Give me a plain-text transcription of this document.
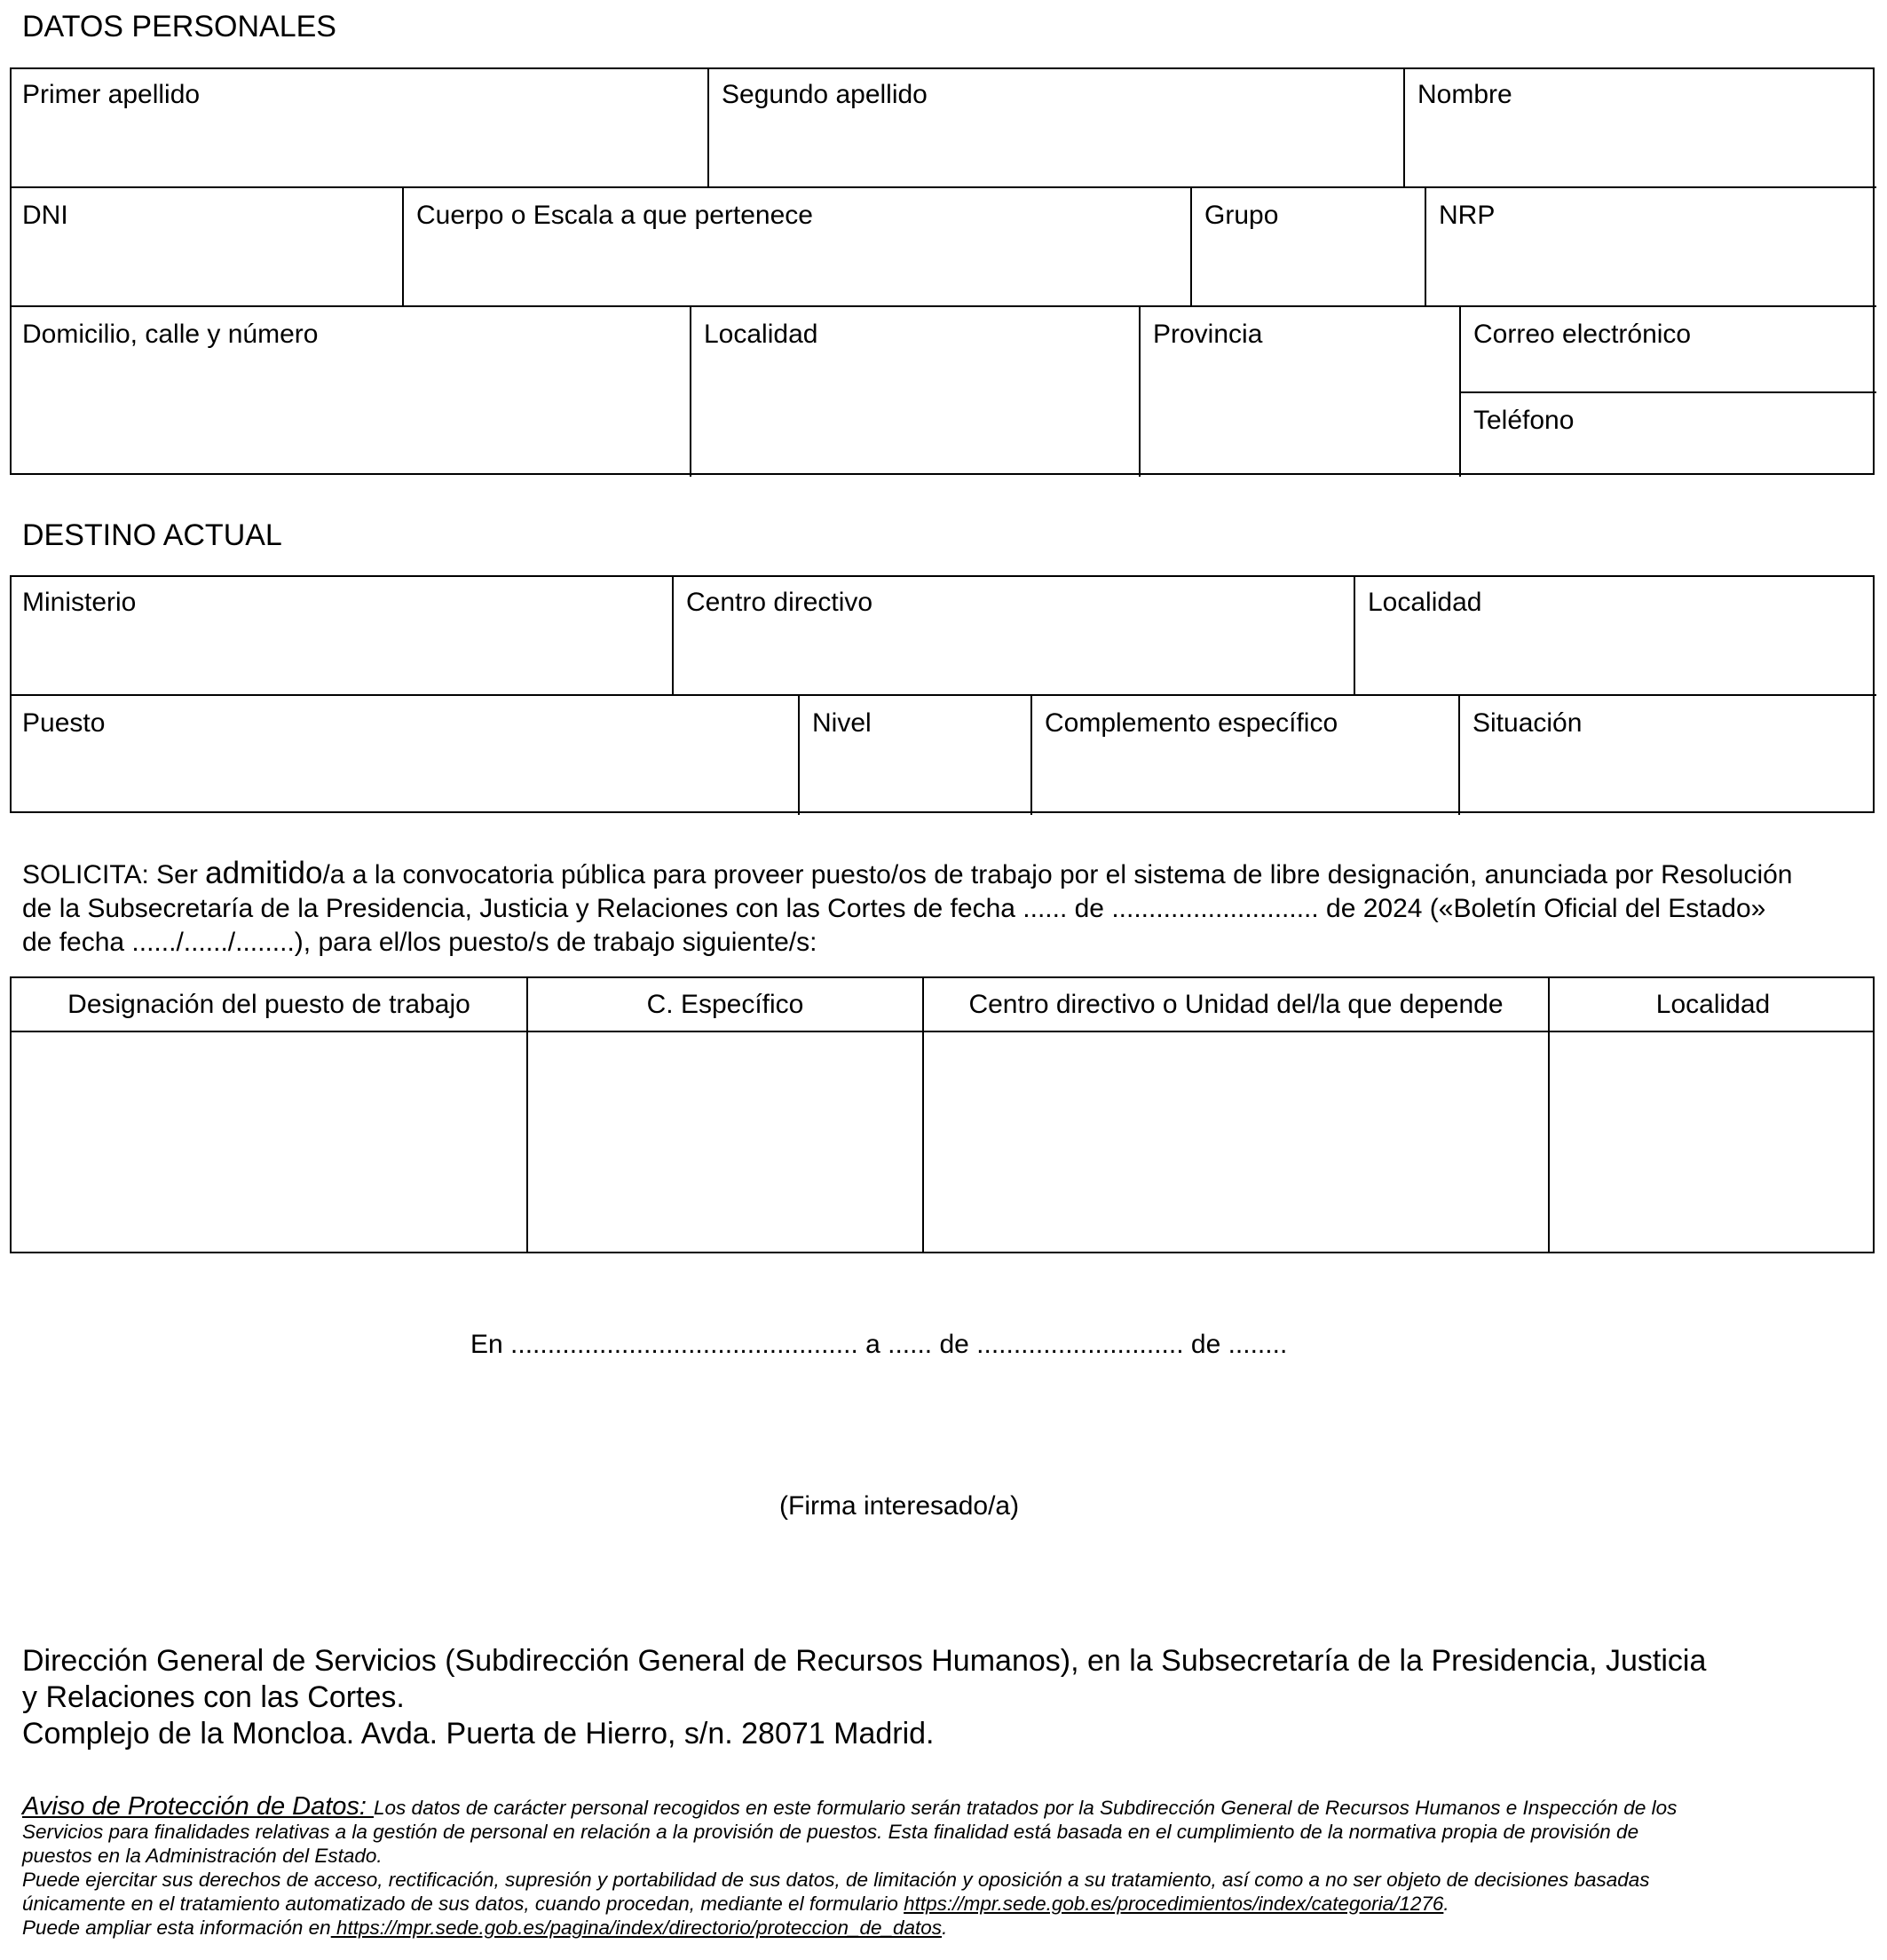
DATOS PERSONALES
Primer apellido	Segundo apellido	Nombre
DNI	Cuerpo o Escala a que pertenece	Grupo	NRP
Domicilio, calle y número	Localidad	Provincia	Correo electrónico
Teléfono
DESTINO ACTUAL
Ministerio	Centro directivo	Localidad
Puesto	Nivel	Complemento específico	Situación
SOLICITA: Ser admitido/a a la convocatoria pública para proveer puesto/os de trabajo por el sistema de libre designación, anunciada por Resolución
de la Subsecretaría de la Presidencia, Justicia y Relaciones con las Cortes de fecha ...... de ............................ de 2024 («Boletín Oficial del Estado»
de fecha ....../....../........), para el/los puesto/s de trabajo siguiente/s:
Designación del puesto de trabajo	C. Específico	Centro directivo o Unidad del/la que depende	Localidad
En ............................................... a ...... de ............................ de ........
(Firma interesado/a)
Dirección General de Servicios (Subdirección General de Recursos Humanos), en la Subsecretaría de la Presidencia, Justicia
y Relaciones con las Cortes.
Complejo de la Moncloa. Avda. Puerta de Hierro, s/n. 28071 Madrid.
Aviso de Protección de Datos: Los datos de carácter personal recogidos en este formulario serán tratados por la Subdirección General de Recursos Humanos e Inspección de los
Servicios para finalidades relativas a la gestión de personal en relación a la provisión de puestos. Esta finalidad está basada en el cumplimiento de la normativa propia de provisión de
puestos en la Administración del Estado.
Puede ejercitar sus derechos de acceso, rectificación, supresión y portabilidad de sus datos, de limitación y oposición a su tratamiento, así como a no ser objeto de decisiones basadas
únicamente en el tratamiento automatizado de sus datos, cuando procedan, mediante el formulario https://mpr.sede.gob.es/procedimientos/index/categoria/1276.
Puede ampliar esta información en https://mpr.sede.gob.es/pagina/index/directorio/proteccion_de_datos.
